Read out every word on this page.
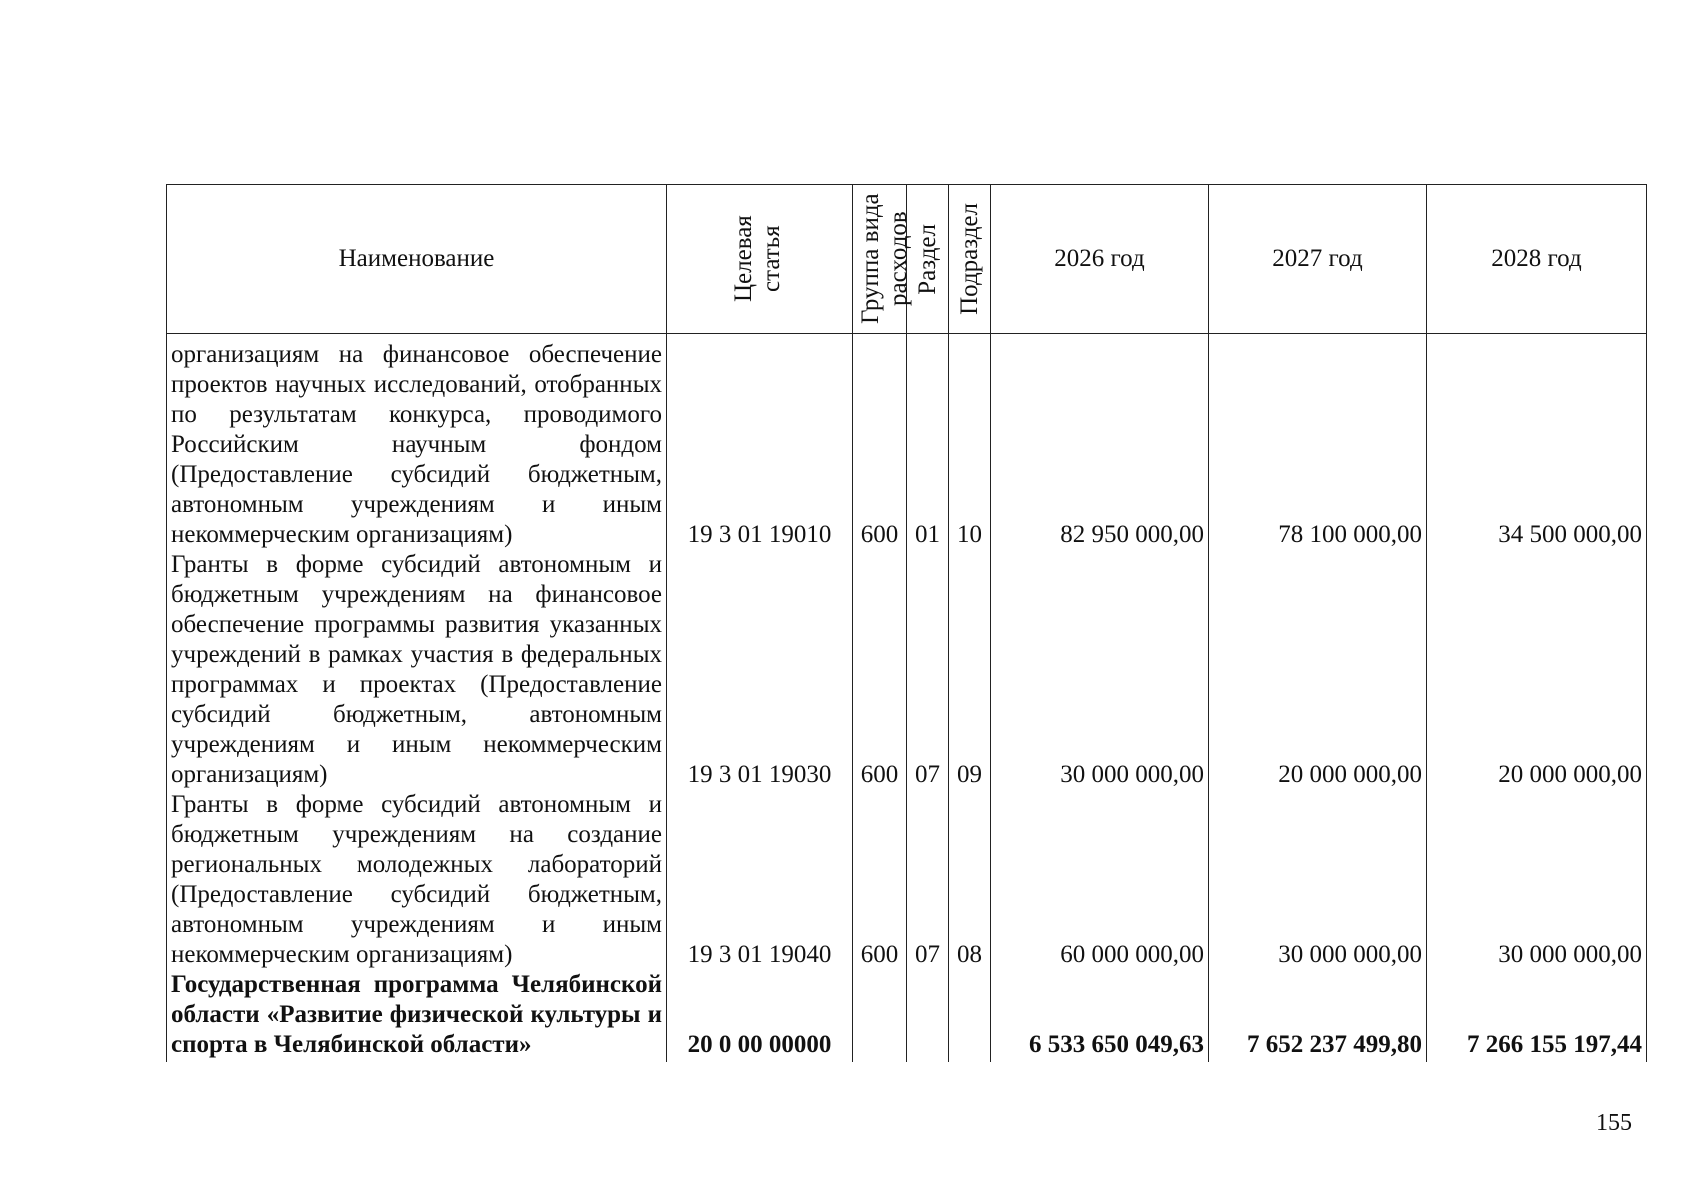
Наименование	Целевая статья	Группа вида расходов	Раздел	Подраздел	2026 год	2027 год	2028 год
организациям на финансовое обеспечение проектов научных исследований, отобранных по результатам конкурса, проводимого Российским научным фондом (Предоставление субсидий бюджетным, автономным учреждениям и иным некоммерческим организациям)	19 3 01 19010	600	01	10	82 950 000,00	78 100 000,00	34 500 000,00
Гранты в форме субсидий автономным и бюджетным учреждениям на финансовое обеспечение программы развития указанных учреждений в рамках участия в федеральных программах и проектах (Предоставление субсидий бюджетным, автономным учреждениям и иным некоммерческим организациям)	19 3 01 19030	600	07	09	30 000 000,00	20 000 000,00	20 000 000,00
Гранты в форме субсидий автономным и бюджетным учреждениям на создание региональных молодежных лабораторий (Предоставление субсидий бюджетным, автономным учреждениям и иным некоммерческим организациям)	19 3 01 19040	600	07	08	60 000 000,00	30 000 000,00	30 000 000,00
Государственная программа Челябинской области «Развитие физической культуры и спорта в Челябинской области»	20 0 00 00000				6 533 650 049,63	7 652 237 499,80	7 266 155 197,44
155
